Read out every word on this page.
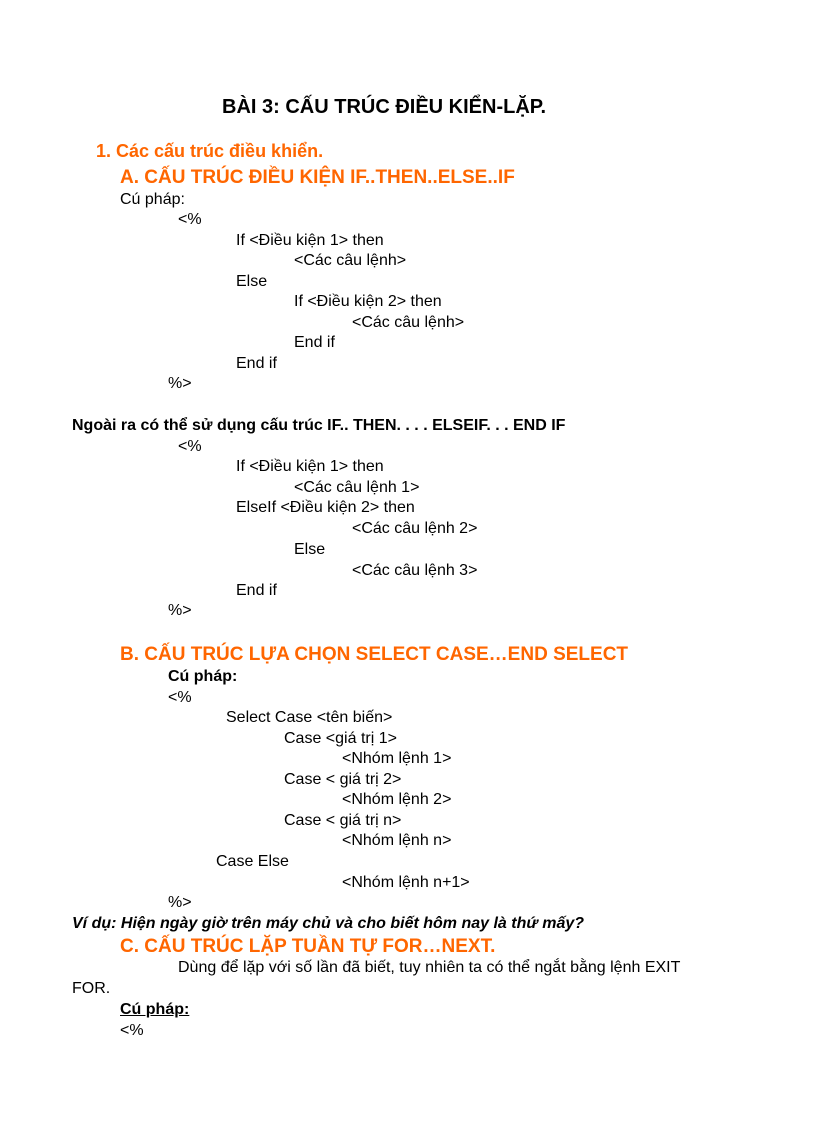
BÀI 3: CẤU TRÚC ĐIỀU KIỂN-LẶP.
1. Các cấu trúc điều khiển.
A. CẤU TRÚC ĐIỀU KIỆN IF..THEN..ELSE..IF
Cú pháp:
<%
If <Điều kiện 1> then
<Các câu lệnh>
Else
If <Điều kiện 2> then
<Các câu lệnh>
End if
End if
%>
Ngoài ra có thể sử dụng cấu trúc IF.. THEN. . . . ELSEIF. . . END IF
<%
If <Điều kiện 1> then
<Các câu lệnh 1>
ElseIf <Điều kiện 2> then
<Các câu lệnh 2>
Else
<Các câu lệnh 3>
End if
%>
B. CẤU TRÚC LỰA CHỌN SELECT CASE…END SELECT
Cú pháp:
<%
Select Case <tên biến>
Case <giá trị 1>
<Nhóm lệnh 1>
Case < giá trị 2>
<Nhóm lệnh 2>
Case < giá trị n>
<Nhóm lệnh n>
Case Else
<Nhóm lệnh n+1>
%>
Ví dụ: Hiện ngày giờ trên máy chủ và cho biết hôm nay là thứ mấy?
C. CẤU TRÚC LẶP TUẦN TỰ FOR…NEXT.
Dùng để lặp với số lần đã biết, tuy nhiên ta có thể ngắt bằng lệnh EXIT
FOR.
Cú pháp:
<%
